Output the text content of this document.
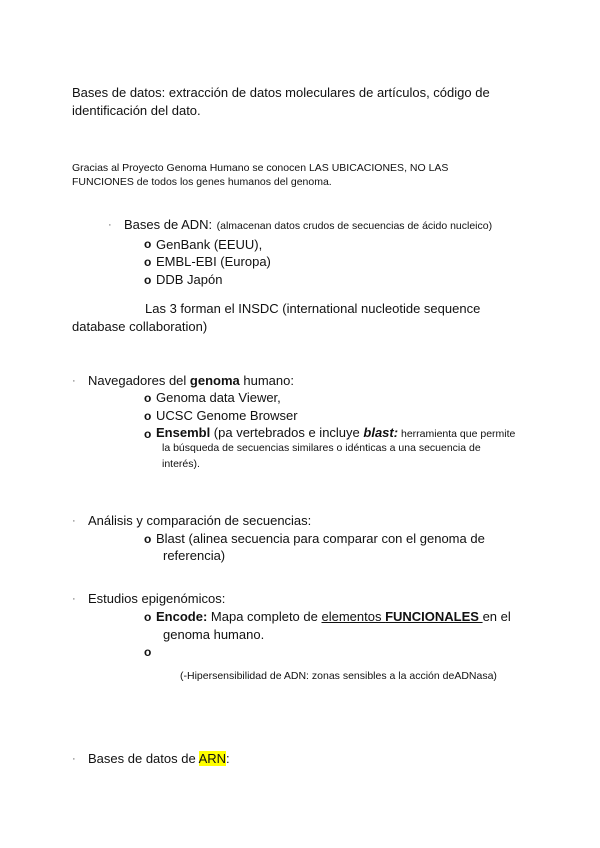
Bases de datos: extracción de datos moleculares de artículos, código de
identificación del dato.
Gracias al Proyecto Genoma Humano se conocen LAS UBICACIONES, NO LAS
FUNCIONES de todos los genes humanos del genoma.
· Bases de ADN: (almacenan datos crudos de secuencias de ácido nucleico)
o GenBank (EEUU),
o EMBL-EBI (Europa)
o DDB Japón
Las 3 forman el INSDC (international nucleotide sequence
database collaboration)
· Navegadores del genoma humano:
o Genoma data Viewer,
o UCSC Genome Browser
o Ensembl (pa vertebrados e incluye blast: herramienta que permite
la búsqueda de secuencias similares o idénticas a una secuencia de
interés).
· Análisis y comparación de secuencias:
o Blast (alinea secuencia para comparar con el genoma de
referencia)
· Estudios epigenómicos:
o Encode: Mapa completo de elementos FUNCIONALES en el
genoma humano.
o
(-Hipersensibilidad de ADN: zonas sensibles a la acción deADNasa)
· Bases de datos de ARN:
